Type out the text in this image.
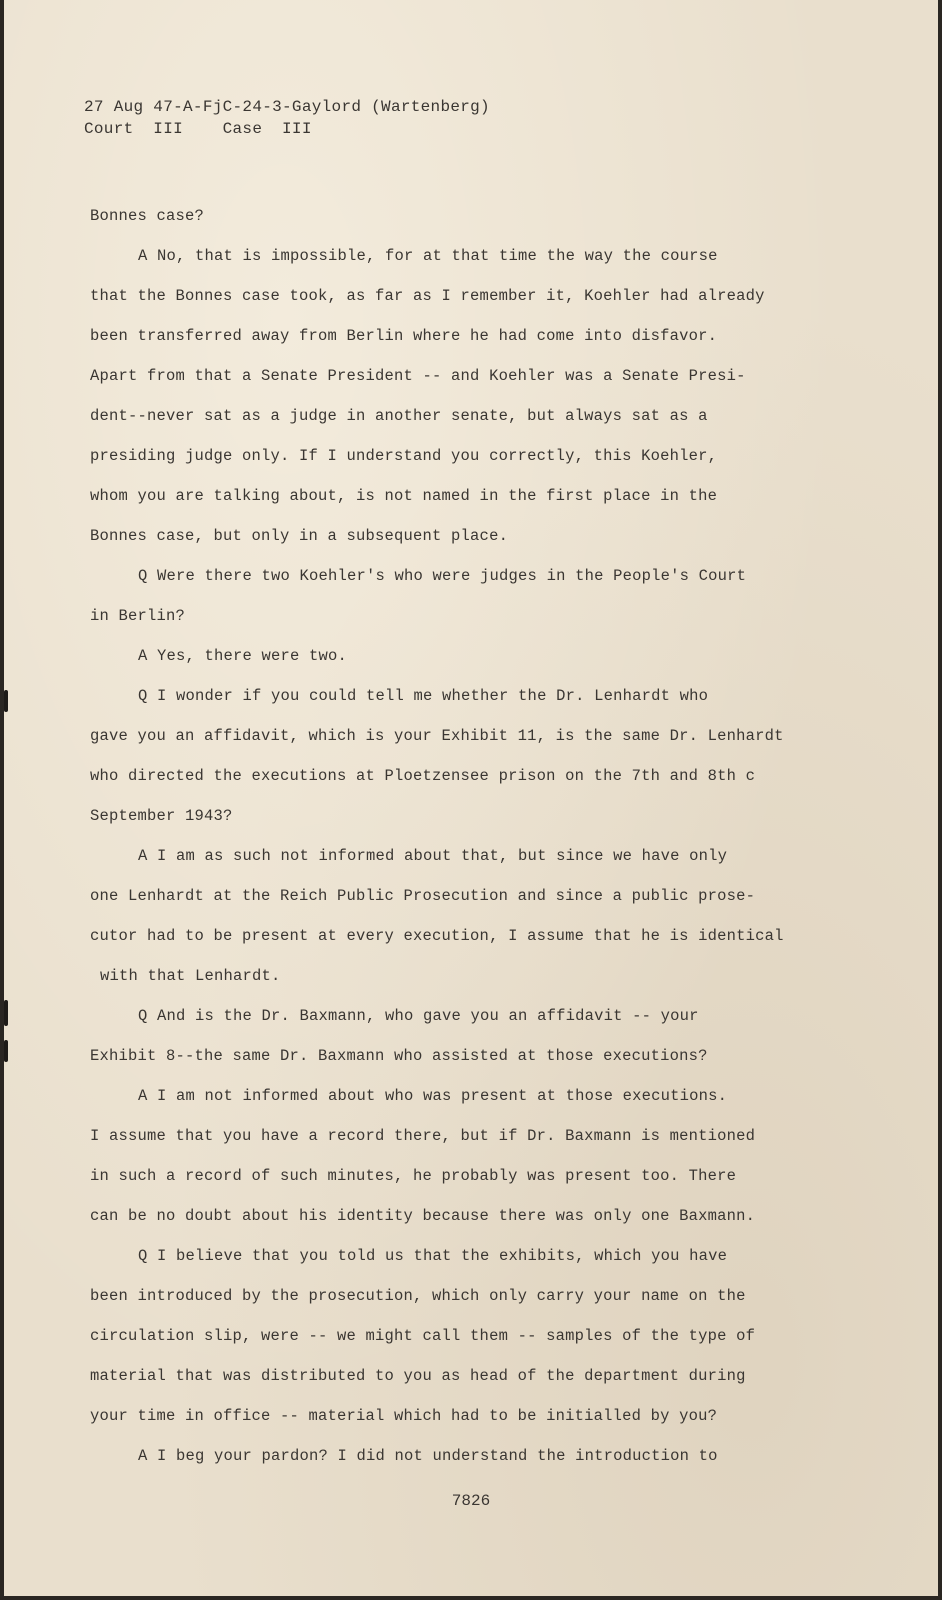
27 Aug 47-A-FjC-24-3-Gaylord (Wartenberg)
Court  III    Case  III
Bonnes case?
A No, that is impossible, for at that time the way the course
that the Bonnes case took, as far as I remember it, Koehler had already
been transferred away from Berlin where he had come into disfavor.
Apart from that a Senate President -- and Koehler was a Senate Presi-
dent--never sat as a judge in another senate, but always sat as a
presiding judge only. If I understand you correctly, this Koehler,
whom you are talking about, is not named in the first place in the
Bonnes case, but only in a subsequent place.
Q Were there two Koehler's who were judges in the People's Court
in Berlin?
A Yes, there were two.
Q I wonder if you could tell me whether the Dr. Lenhardt who
gave you an affidavit, which is your Exhibit 11, is the same Dr. Lenhardt
who directed the executions at Ploetzensee prison on the 7th and 8th c
September 1943?
A I am as such not informed about that, but since we have only
one Lenhardt at the Reich Public Prosecution and since a public prose-
cutor had to be present at every execution, I assume that he is identical
with that Lenhardt.
Q And is the Dr. Baxmann, who gave you an affidavit -- your
Exhibit 8--the same Dr. Baxmann who assisted at those executions?
A I am not informed about who was present at those executions.
I assume that you have a record there, but if Dr. Baxmann is mentioned
in such a record of such minutes, he probably was present too. There
can be no doubt about his identity because there was only one Baxmann.
Q I believe that you told us that the exhibits, which you have
been introduced by the prosecution, which only carry your name on the
circulation slip, were -- we might call them -- samples of the type of
material that was distributed to you as head of the department during
your time in office -- material which had to be initialled by you?
A I beg your pardon? I did not understand the introduction to
7826
